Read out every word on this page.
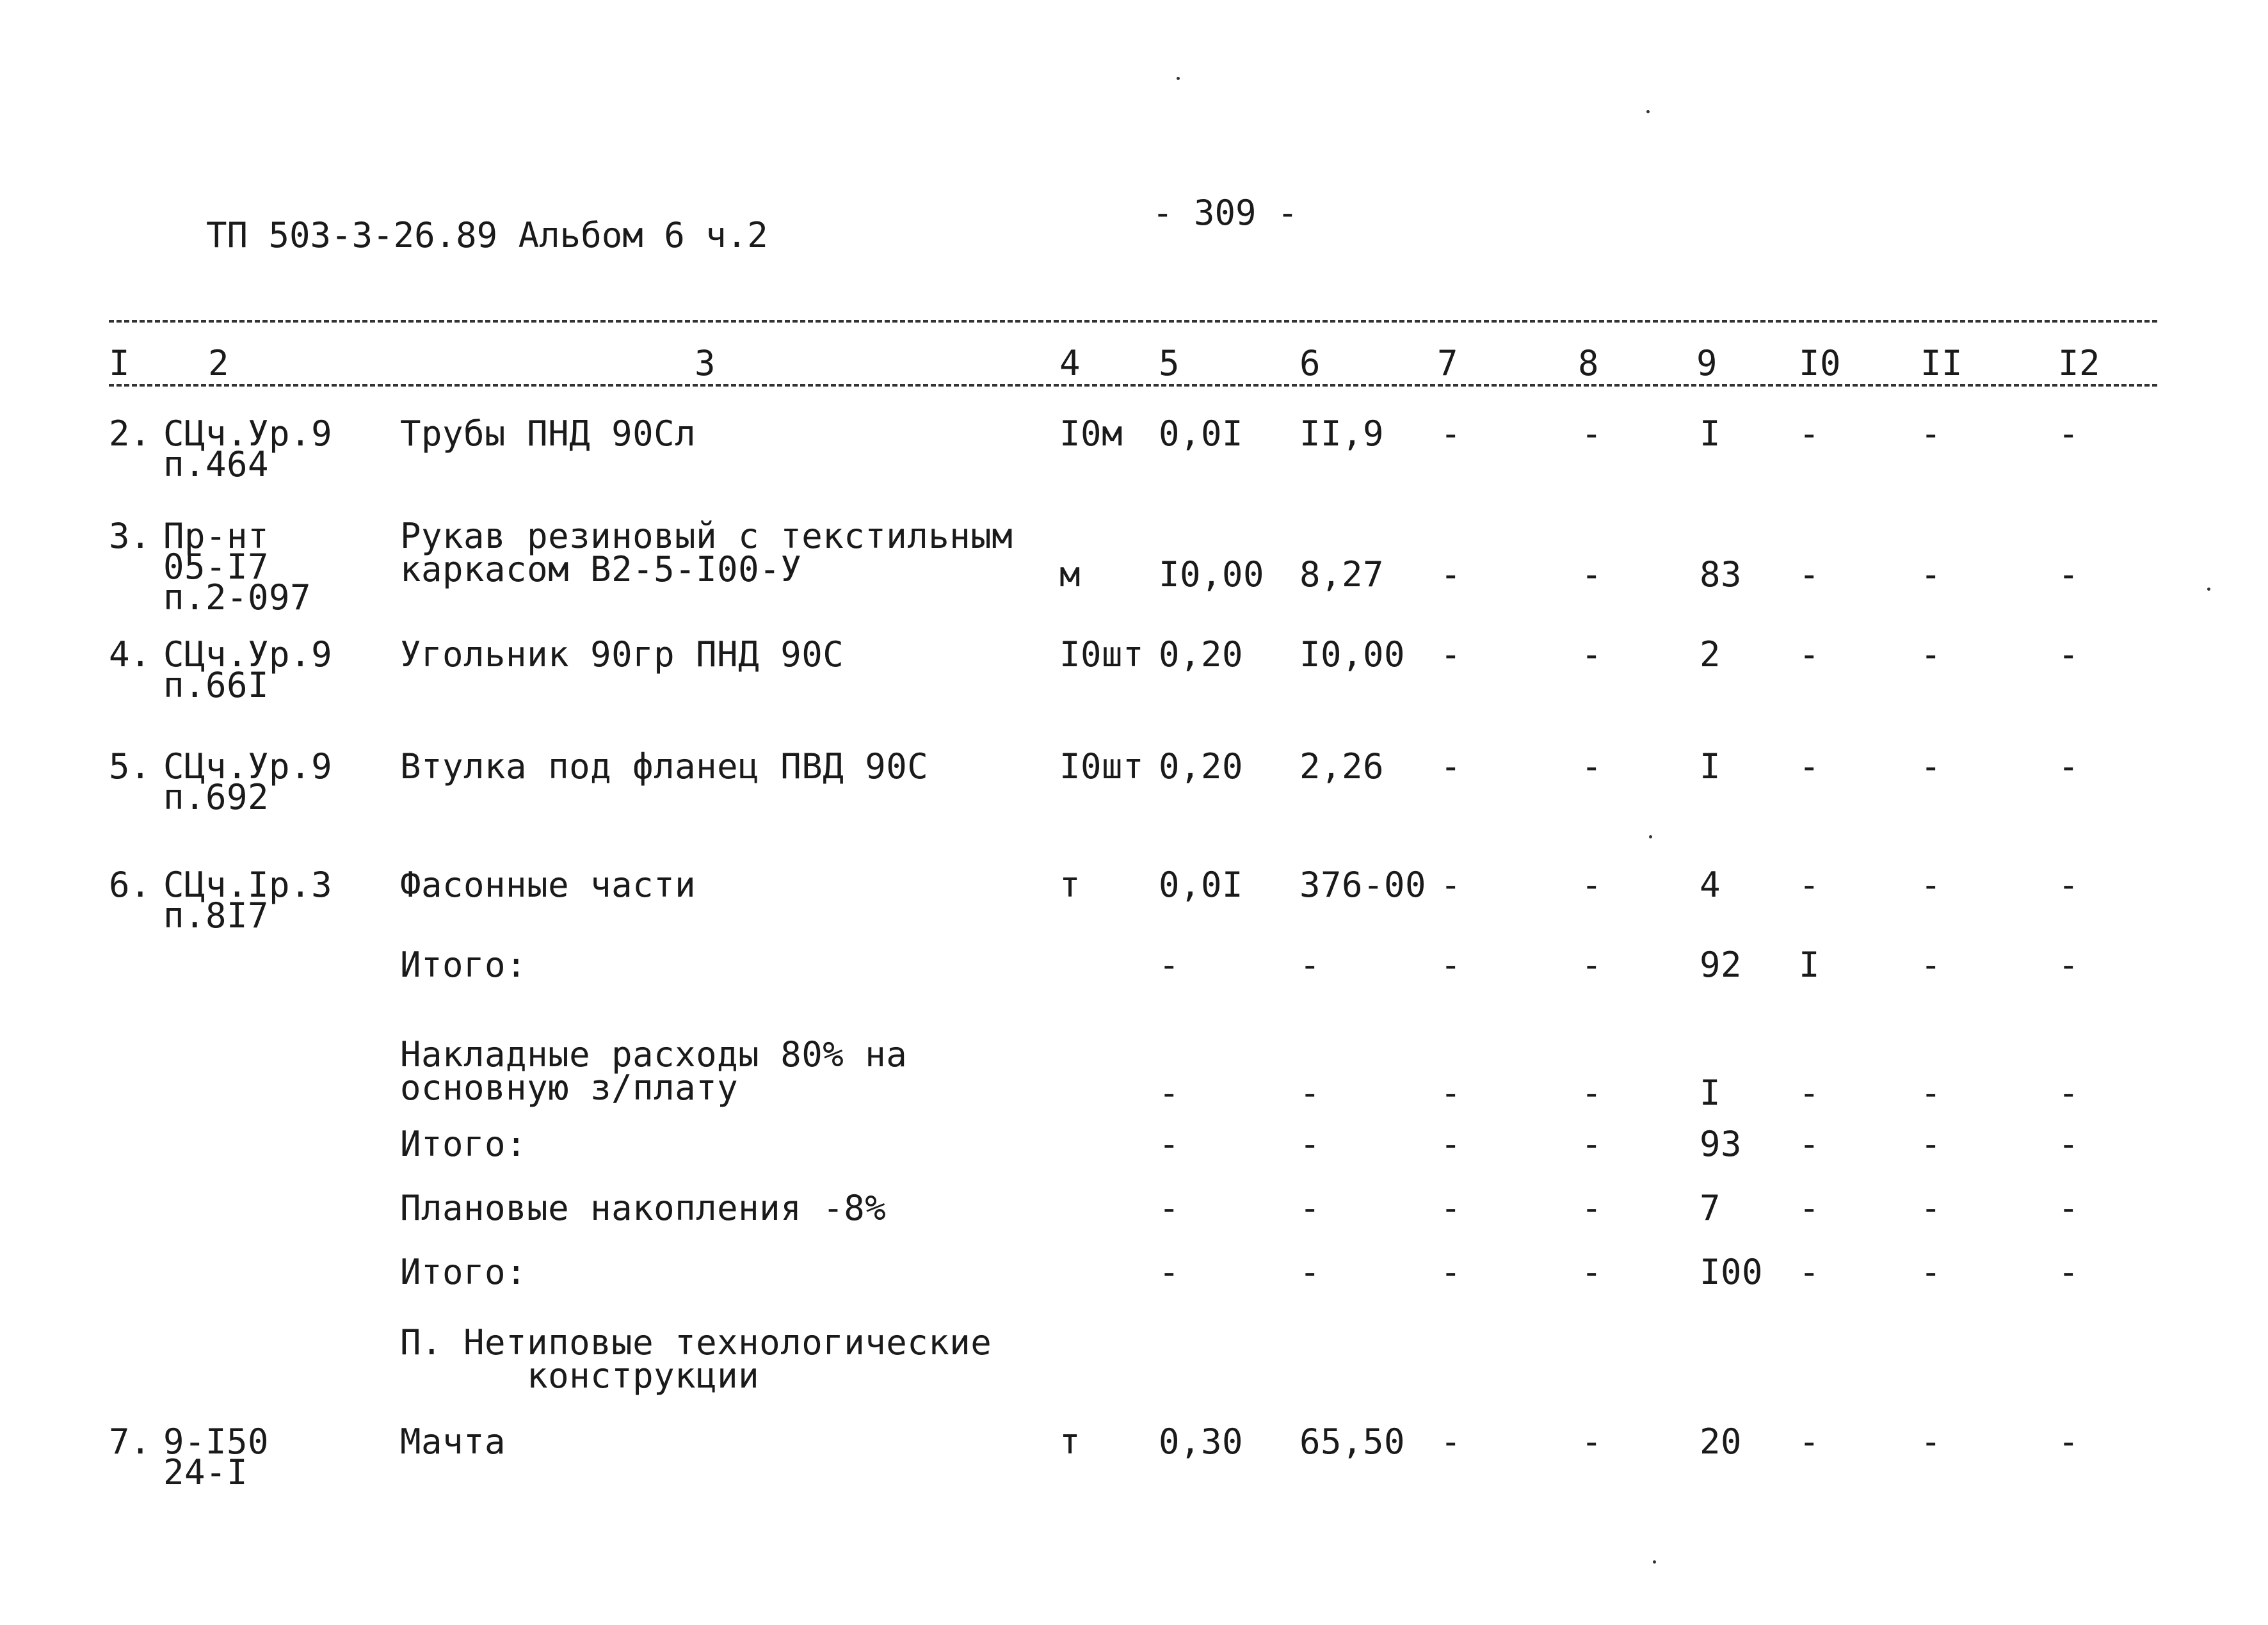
ТП 503-3-26.89 Альбом 6 ч.2
- 309 -
I 2	3	4 5	6	7	8	9 I0 II	I2
2. СЦч.Ур.9
п.464
Трубы ПНД 90Сл	I0м 0,0I II,9 -	-	I -	-	-
3. Пр-нт
05-I7
п.2-097
Рукав резиновый с текстильным
каркасом В2-5-I00-У	м I0,00 8,27 -	-	83 -	-	-
4. СЦч.Ур.9
п.66I
Угольник 90гр ПНД 90С	I0шт 0,20 I0,00 -	-	2 -	-	-
5. СЦч.Ур.9
п.692
Втулка под фланец ПВД 90С	I0шт 0,20 2,26 -	-	I -	-	-
6. СЦч.Iр.3
п.8I7
Фасонные части	т 0,0I 376-00 -	-	4 -	-	-
Итого:	-	-	-	-	92 I	-	-
Накладные расходы 80% на
основную з/плату	-	-	-	-	I -	-	-
Итого:	-	-	-	-	93 -	-	-
Плановые накопления -8%	-	-	-	-	7 -	-	-
Итого:	-	-	-	-	I00 -	-	-
П. Нетиповые технологические
конструкции
7. 9-I50
24-I
Мачта	т 0,30 65,50 -	-	20 -	-	-
